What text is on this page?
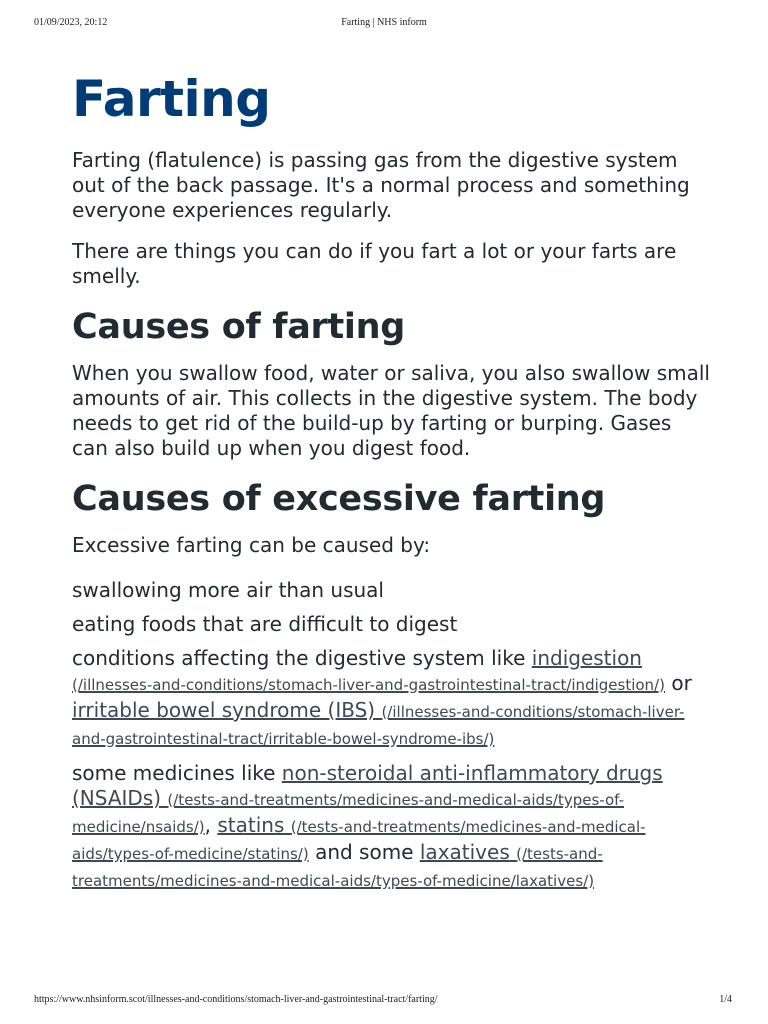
01/09/2023, 20:12	Farting | NHS inform
Farting

Farting (flatulence) is passing gas from the digestive system out of the back passage. It's a normal process and something everyone experiences regularly.

There are things you can do if you fart a lot or your farts are smelly.

Causes of farting

When you swallow food, water or saliva, you also swallow small amounts of air. This collects in the digestive system. The body needs to get rid of the build-up by farting or burping. Gases can also build up when you digest food.

Causes of excessive farting

Excessive farting can be caused by:

swallowing more air than usual
eating foods that are difficult to digest
conditions affecting the digestive system like indigestion (/illnesses-and-conditions/stomach-liver-and-gastrointestinal-tract/indigestion/) or irritable bowel syndrome (IBS) (/illnesses-and-conditions/stomach-liver-and-gastrointestinal-tract/irritable-bowel-syndrome-ibs/)
some medicines like non-steroidal anti-inflammatory drugs (NSAIDs) (/tests-and-treatments/medicines-and-medical-aids/types-of-medicine/nsaids/), statins (/tests-and-treatments/medicines-and-medical-aids/types-of-medicine/statins/) and some laxatives (/tests-and-treatments/medicines-and-medical-aids/types-of-medicine/laxatives/)
https://www.nhsinform.scot/illnesses-and-conditions/stomach-liver-and-gastrointestinal-tract/farting/	1/4
